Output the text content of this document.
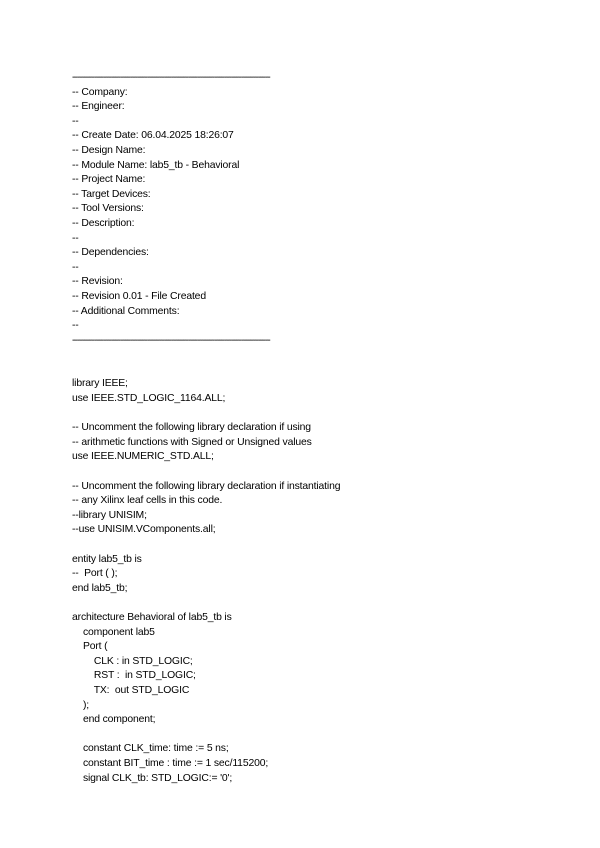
----------------------------------------------------------------------------------
-- Company:
-- Engineer:
--
-- Create Date: 06.04.2025 18:26:07
-- Design Name:
-- Module Name: lab5_tb - Behavioral
-- Project Name:
-- Target Devices:
-- Tool Versions:
-- Description:
--
-- Dependencies:
--
-- Revision:
-- Revision 0.01 - File Created
-- Additional Comments:
--
----------------------------------------------------------------------------------
library IEEE;
use IEEE.STD_LOGIC_1164.ALL;
-- Uncomment the following library declaration if using
-- arithmetic functions with Signed or Unsigned values
use IEEE.NUMERIC_STD.ALL;
-- Uncomment the following library declaration if instantiating
-- any Xilinx leaf cells in this code.
--library UNISIM;
--use UNISIM.VComponents.all;
entity lab5_tb is
--  Port ( );
end lab5_tb;
architecture Behavioral of lab5_tb is
component lab5
Port (
CLK : in STD_LOGIC;
RST :  in STD_LOGIC;
TX:  out STD_LOGIC
);
end component;
constant CLK_time: time := 5 ns;
constant BIT_time : time := 1 sec/115200;
signal CLK_tb: STD_LOGIC:= '0';
